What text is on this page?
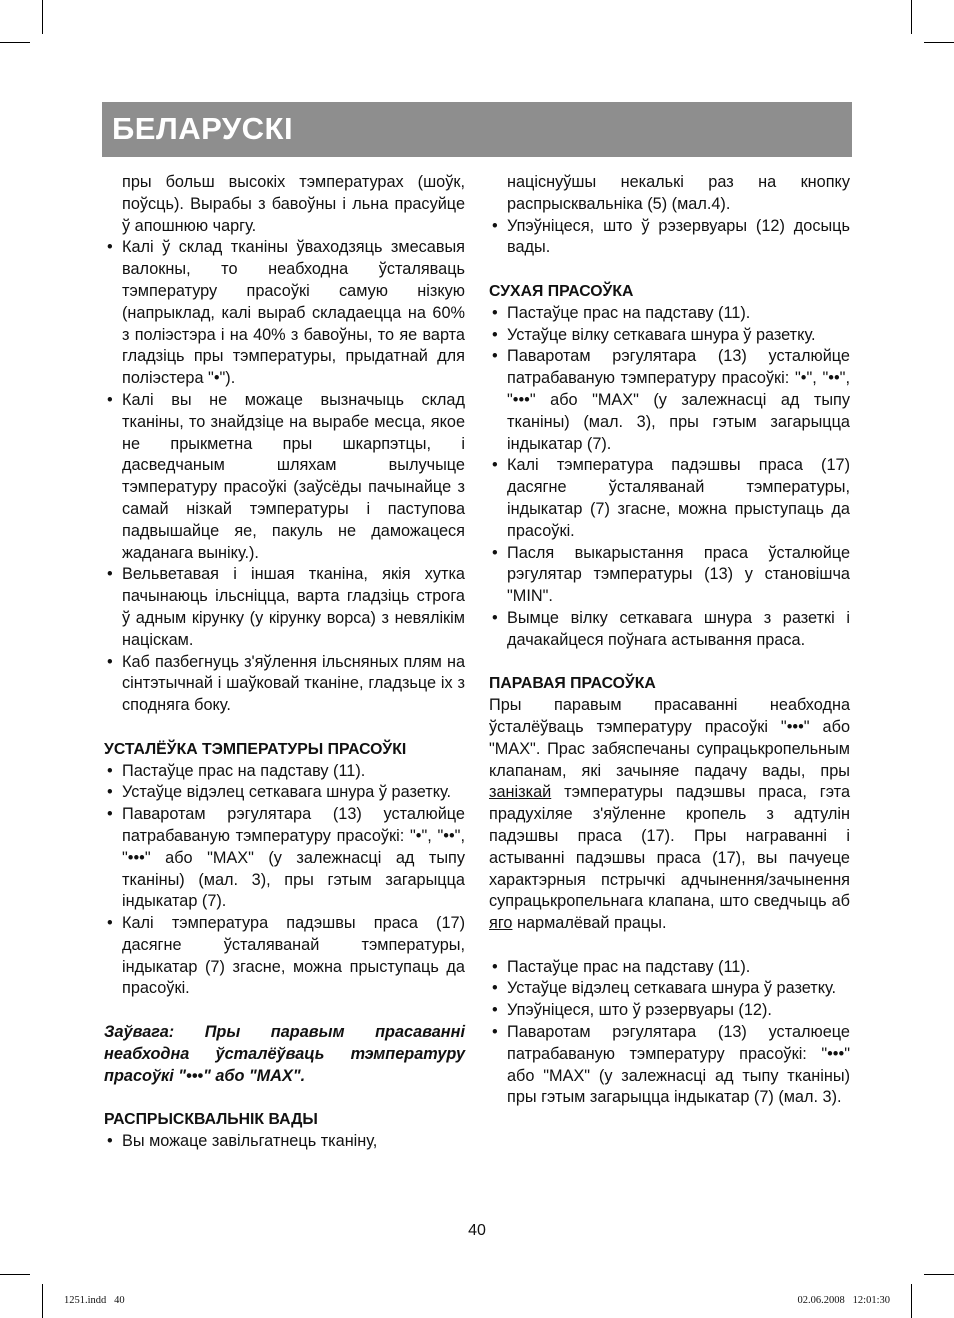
БЕЛАРУСКІ

пры больш высокіх тэмпературах (шоўк, поўсць). Вырабы з бавоўны і льна прасуйце ў апошнюю чаргу.

• Калі ў склад тканіны ўваходзяць змесавыя валокны, то неабходна ўсталяваць тэмпературу прасоўкі самую нізкую (напрыклад, калі выраб складаецца на 60% з поліэстэра і на 40% з бавоўны, то яе варта гладзіць пры тэмпературы, прыдатнай для поліэстера "•").

• Калі вы не можаце вызначыць склад тканіны, то знайдзіце на вырабе месца, якое не прыкметна пры шкарпэтцы, і дасведчаным шляхам вылучыце тэмпературу прасоўкі (заўсёды пачынайце з самай нізкай тэмпературы і паступова падвышайце яе, пакуль не даможацеся жаданага выніку.).

• Вельветавая і іншая тканіна, якія хутка пачынаюць ільсніцца, варта гладзіць строга ў адным кірунку (у кірунку ворса) з невялікім націскам.

• Каб пазбегнуць з'яўлення ільсняных плям на сінтэтычнай і шаўковай тканіне, гладзьце іх з сподняга боку.

УСТАЛЁЎКА ТЭМПЕРАТУРЫ ПРАСОЎКІ

• Пастаўце прас на падставу (11).

• Устаўце відэлец сеткавага шнура ў разетку.

• Паваротам рэгулятара (13) усталюйце патрабаваную тэмпературу прасоўкі: "•", "••", "•••" або "MAX" (у залежнасці ад тыпу тканіны) (мал. 3), пры гэтым загарыцца індыкатар (7).

• Калі тэмпература падэшвы праса (17) дасягне ўсталяванай тэмпературы, індыкатар (7) згасне, можна прыступаць да прасоўкі.

Заўвага: Пры паравым прасаванні неабходна ўсталёўваць тэмпературу прасоўкі "•••" або "MAX".

РАСПРЫСКВАЛЬНІК ВАДЫ

• Вы можаце завільгатнець тканіну,

націснуўшы некалькі раз на кнопку распрысквальніка (5) (мал.4).

• Упэўніцеся, што ў рэзервуары (12) досыць вады.

СУХАЯ ПРАСОЎКА

• Пастаўце прас на падставу (11).

• Устаўце вілку сеткавага шнура ў разетку.

• Паваротам рэгулятара (13) усталюйце патрабаваную тэмпературу прасоўкі: "•", "••", "•••" або "MAX" (у залежнасці ад тыпу тканіны) (мал. 3), пры гэтым загарыцца індыкатар (7).

• Калі тэмпература падэшвы праса (17) дасягне ўсталяванай тэмпературы, індыкатар (7) згасне, можна прыступаць да прасоўкі.

• Пасля выкарыстання праса ўсталюйце рэгулятар тэмпературы (13) у становішча "MIN".

• Вымце вілку сеткавага шнура з разеткі і дачакайцеся поўнага астывання праса.

ПАРАВАЯ ПРАСОЎКА

Пры паравым прасаванні неабходна ўсталёўваць тэмпературу прасоўкі "•••" або "MAX". Прас забяспечаны супрацькропельным клапанам, які зачыняе падачу вады, пры занізкай тэмпературы падэшвы праса, гэта прадухіляе з'яўленне кропель з адтулін падэшвы праса (17). Пры награванні і астыванні падэшвы праса (17), вы пачуеце характэрныя пстрычкі адчынення/зачынення супрацькропельнага клапана, што сведчыць аб яго нармалёвай працы.

• Пастаўце прас на падставу (11).

• Устаўце відэлец сеткавага шнура ў разетку.

• Упэўніцеся, што ў рэзервуары (12).

• Паваротам рэгулятара (13) усталюеце патрабаваную тэмпературу прасоўкі: "•••" або "MAX" (у залежнасці ад тыпу тканіны) пры гэтым загарыцца індыкатар (7) (мал. 3).

40
1251.indd   40	02.06.2008   12:01:30
